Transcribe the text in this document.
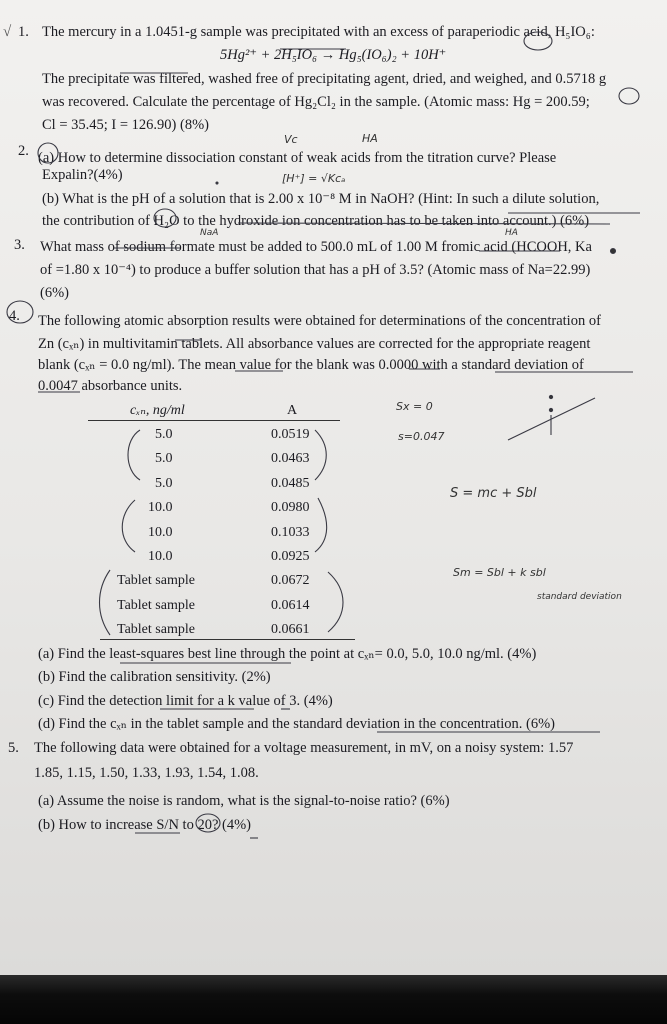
√ 1. The mercury in a 1.0451-g sample was precipitated with an excess of paraperiodic acid, H₅IO₆:
5Hg²⁺ + 2H₅IO₆ → Hg₅(IO₆)₂ + 10H⁺
The precipitate was filtered, washed free of precipitating agent, dried, and weighed, and 0.5718 g
was recovered. Calculate the percentage of Hg₂Cl₂ in the sample. (Atomic mass: Hg = 200.59;
Cl = 35.45; I = 126.90) (8%)
2. (a) How to determine dissociation constant of weak acids from the titration curve? Please
Expalin?(4%)
(b) What is the pH of a solution that is 2.00 x 10⁻⁸ M in NaOH? (Hint: In such a dilute solution,
the contribution of H₂O to the hydroxide ion concentration has to be taken into account.) (6%)
3. What mass of sodium formate must be added to 500.0 mL of 1.00 M fromic acid (HCOOH, Ka
of =1.80 x 10⁻⁴) to produce a buffer solution that has a pH of 3.5? (Atomic mass of Na=22.99)
(6%)
4. The following atomic absorption results were obtained for determinations of the concentration of
Zn (cₓₙ) in multivitamin tablets. All absorbance values are corrected for the appropriate reagent
blank (cₓₙ = 0.0 ng/ml). The mean value for the blank was 0.0000 with a standard deviation of
0.0047 absorbance units.
cₓₙ, ng/ml	A
5.0	0.0519
5.0	0.0463
5.0	0.0485
10.0	0.0980
10.0	0.1033
10.0	0.0925
Tablet sample	0.0672
Tablet sample	0.0614
Tablet sample	0.0661
(a) Find the least-squares best line through the point at cₓₙ= 0.0, 5.0, 10.0 ng/ml. (4%)
(b) Find the calibration sensitivity. (2%)
(c) Find the detection limit for a k value of 3. (4%)
(d) Find the cₓₙ in the tablet sample and the standard deviation in the concentration. (6%)
5. The following data were obtained for a voltage measurement, in mV, on a noisy system: 1.57
1.85, 1.15, 1.50, 1.33, 1.93, 1.54, 1.08.
(a) Assume the noise is random, what is the signal-to-noise ratio? (6%)
(b) How to increase S/N to 20? (4%)
Vc	HA
[H⁺] = √Kcₐ
NaA	HA
Sx = 0
s=0.047
S = mc + Sbl
Sm = Sbl + k sbl
standard deviation
